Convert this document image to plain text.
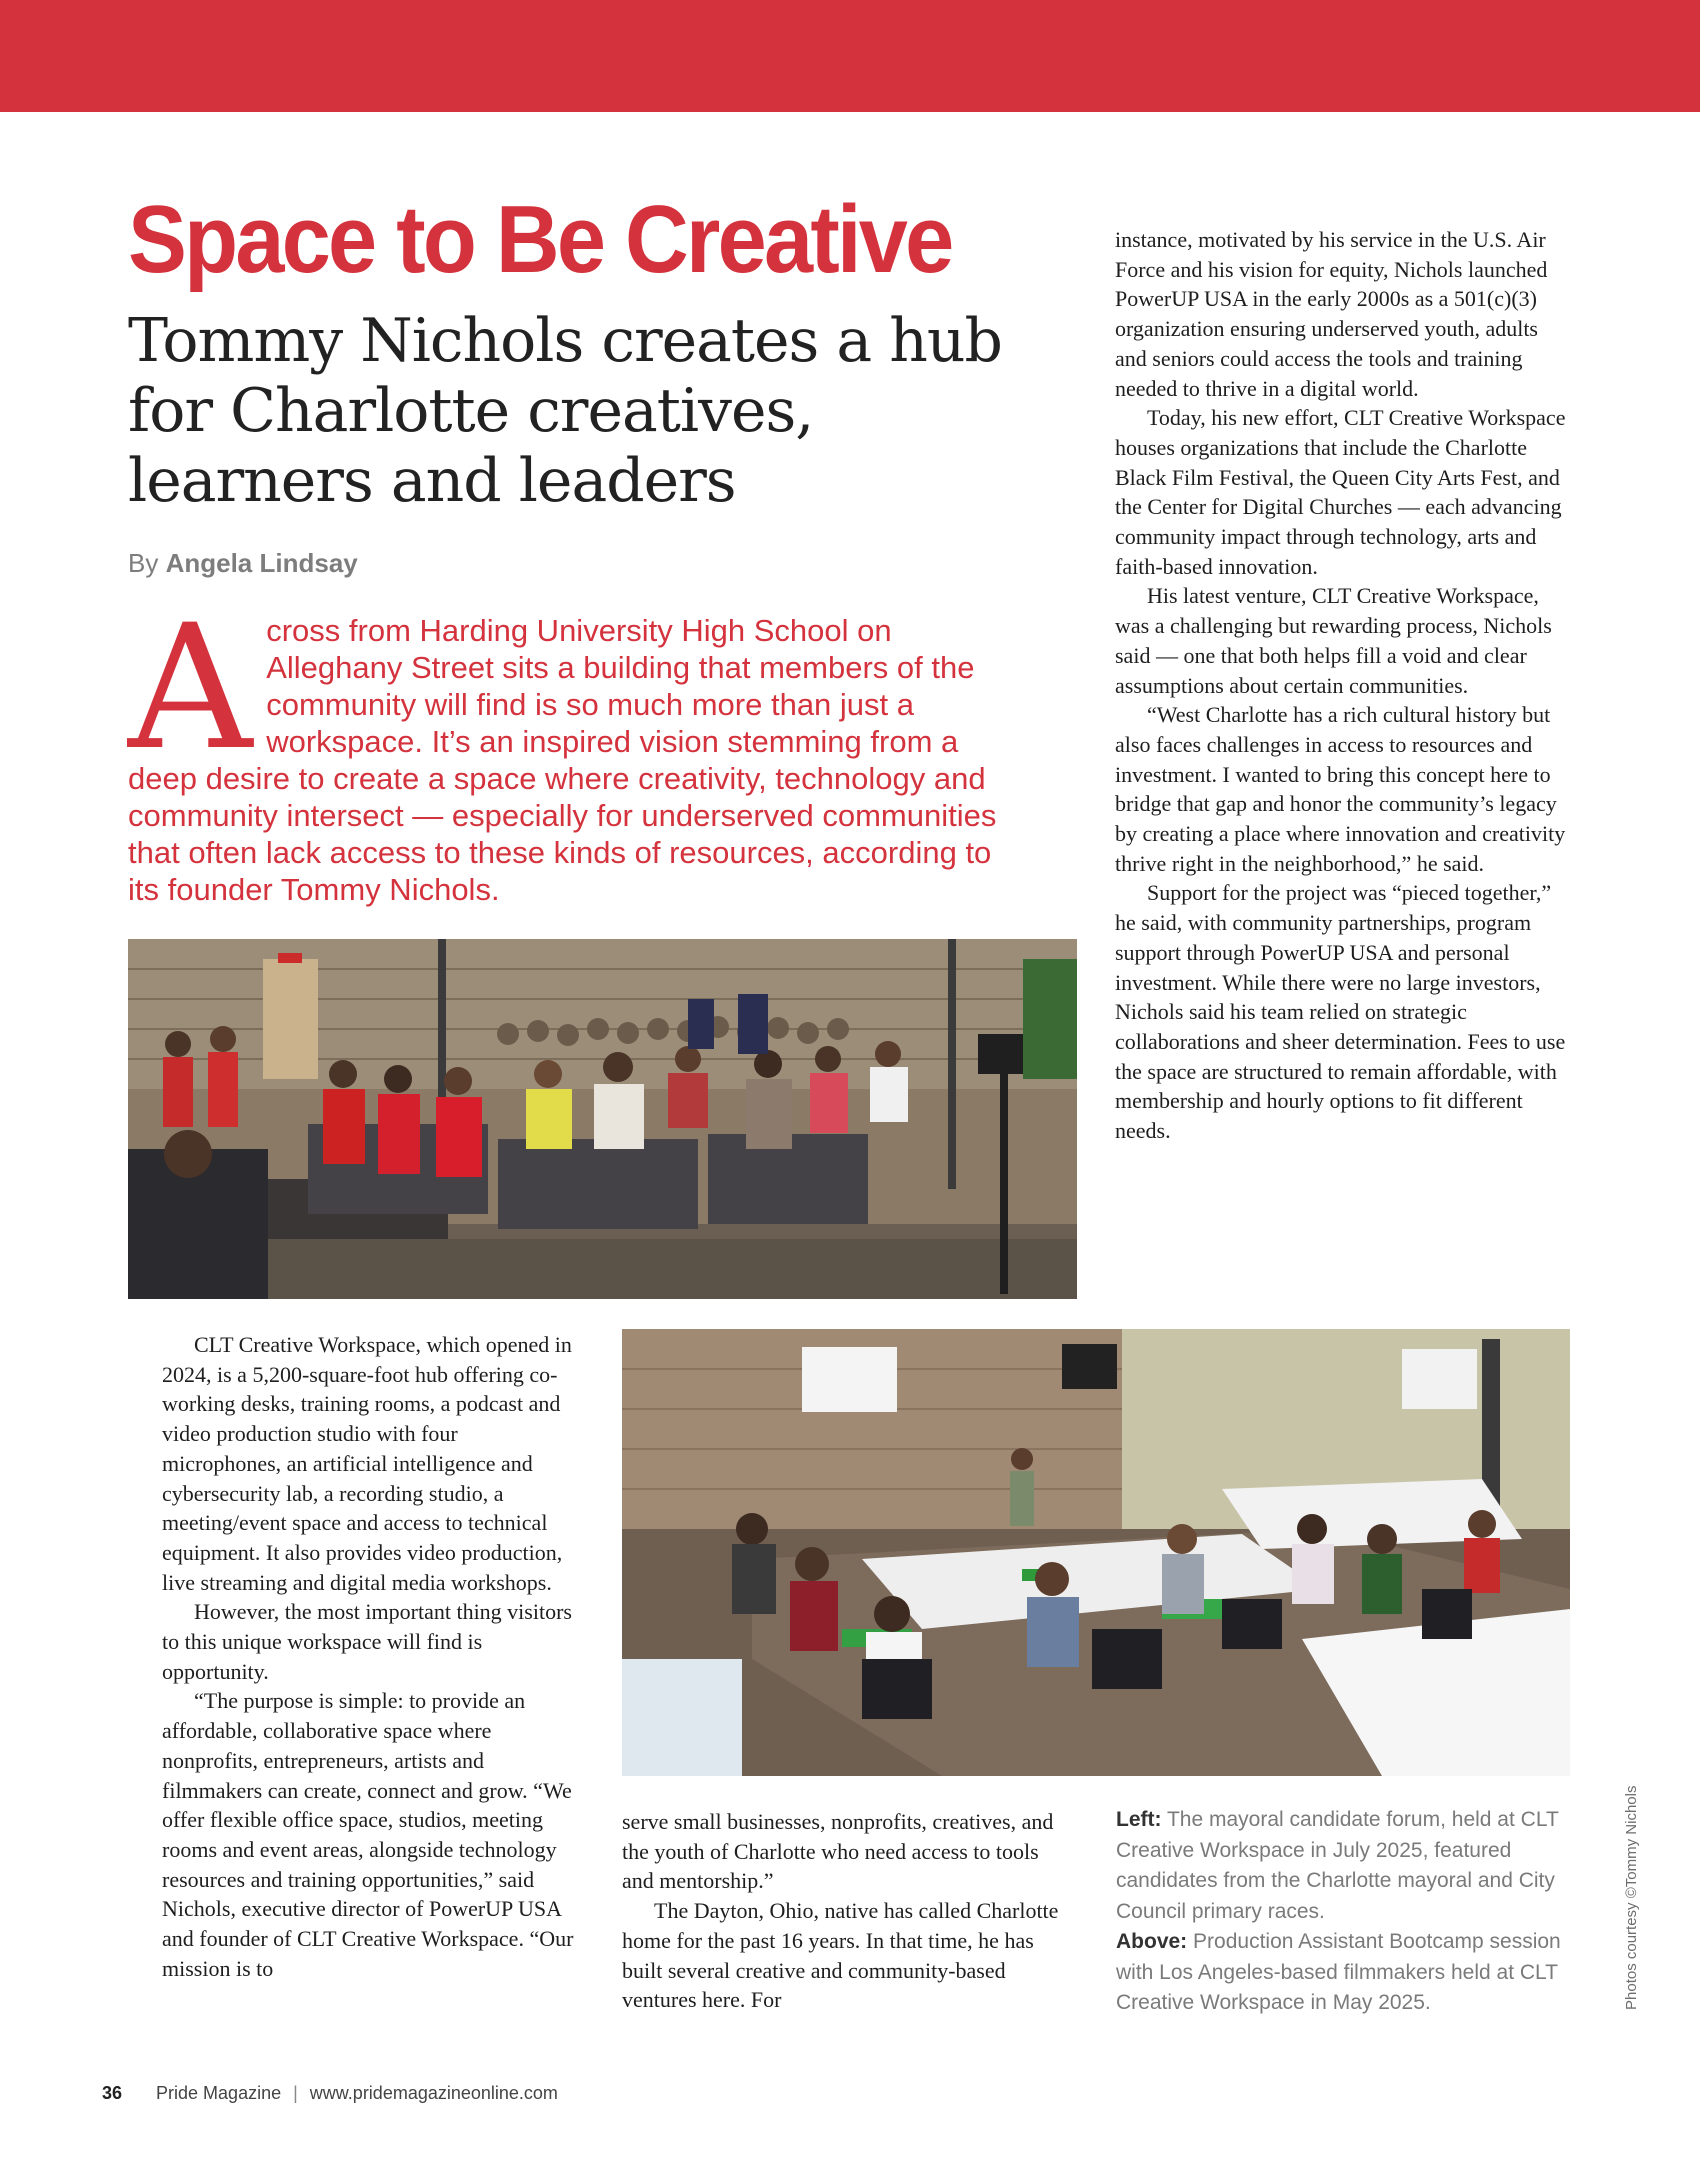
Space to Be Creative
Tommy Nichols creates a hub for Charlotte creatives, learners and leaders
By Angela Lindsay

Across from Harding University High School on Alleghany Street sits a building that members of the community will find is so much more than just a workspace. It’s an inspired vision stemming from a deep desire to create a space where creativity, technology and community intersect — especially for underserved communities that often lack access to these kinds of resources, according to its founder Tommy Nichols.

instance, motivated by his service in the U.S. Air Force and his vision for equity, Nichols launched PowerUP USA in the early 2000s as a 501(c)(3) organization ensuring underserved youth, adults and seniors could access the tools and training needed to thrive in a digital world.

Today, his new effort, CLT Creative Workspace houses organizations that include the Charlotte Black Film Festival, the Queen City Arts Fest, and the Center for Digital Churches — each advancing community impact through technology, arts and faith-based innovation.

His latest venture, CLT Creative Workspace, was a challenging but rewarding process, Nichols said — one that both helps fill a void and clear assumptions about certain communities.

“West Charlotte has a rich cultural history but also faces challenges in access to resources and investment. I wanted to bring this concept here to bridge that gap and honor the community’s legacy by creating a place where innovation and creativity thrive right in the neighborhood,” he said.

Support for the project was “pieced together,” he said, with community partnerships, program support through PowerUP USA and personal investment. While there were no large investors, Nichols said his team relied on strategic collaborations and sheer determination. Fees to use the space are structured to remain affordable, with membership and hourly options to fit different needs.

CLT Creative Workspace, which opened in 2024, is a 5,200-square-foot hub offering co-working desks, training rooms, a podcast and video production studio with four microphones, an artificial intelligence and cybersecurity lab, a recording studio, a meeting/event space and access to technical equipment. It also provides video production, live streaming and digital media workshops.

However, the most important thing visitors to this unique workspace will find is opportunity.

“The purpose is simple: to provide an affordable, collaborative space where nonprofits, entrepreneurs, artists and filmmakers can create, connect and grow. “We offer flexible office space, studios, meeting rooms and event areas, alongside technology resources and training opportunities,” said Nichols, executive director of PowerUP USA and founder of CLT Creative Workspace. “Our mission is to

serve small businesses, nonprofits, creatives, and the youth of Charlotte who need access to tools and mentorship.”

The Dayton, Ohio, native has called Charlotte home for the past 16 years. In that time, he has built several creative and community-based ventures here. For

Left: The mayoral candidate forum, held at CLT Creative Workspace in July 2025, featured candidates from the Charlotte mayoral and City Council primary races.

Above: Production Assistant Bootcamp session with Los Angeles-based filmmakers held at CLT Creative Workspace in May 2025.	Photos courtesy ©Tommy Nichols
36 Pride Magazine | www.pridemagazineonline.com
